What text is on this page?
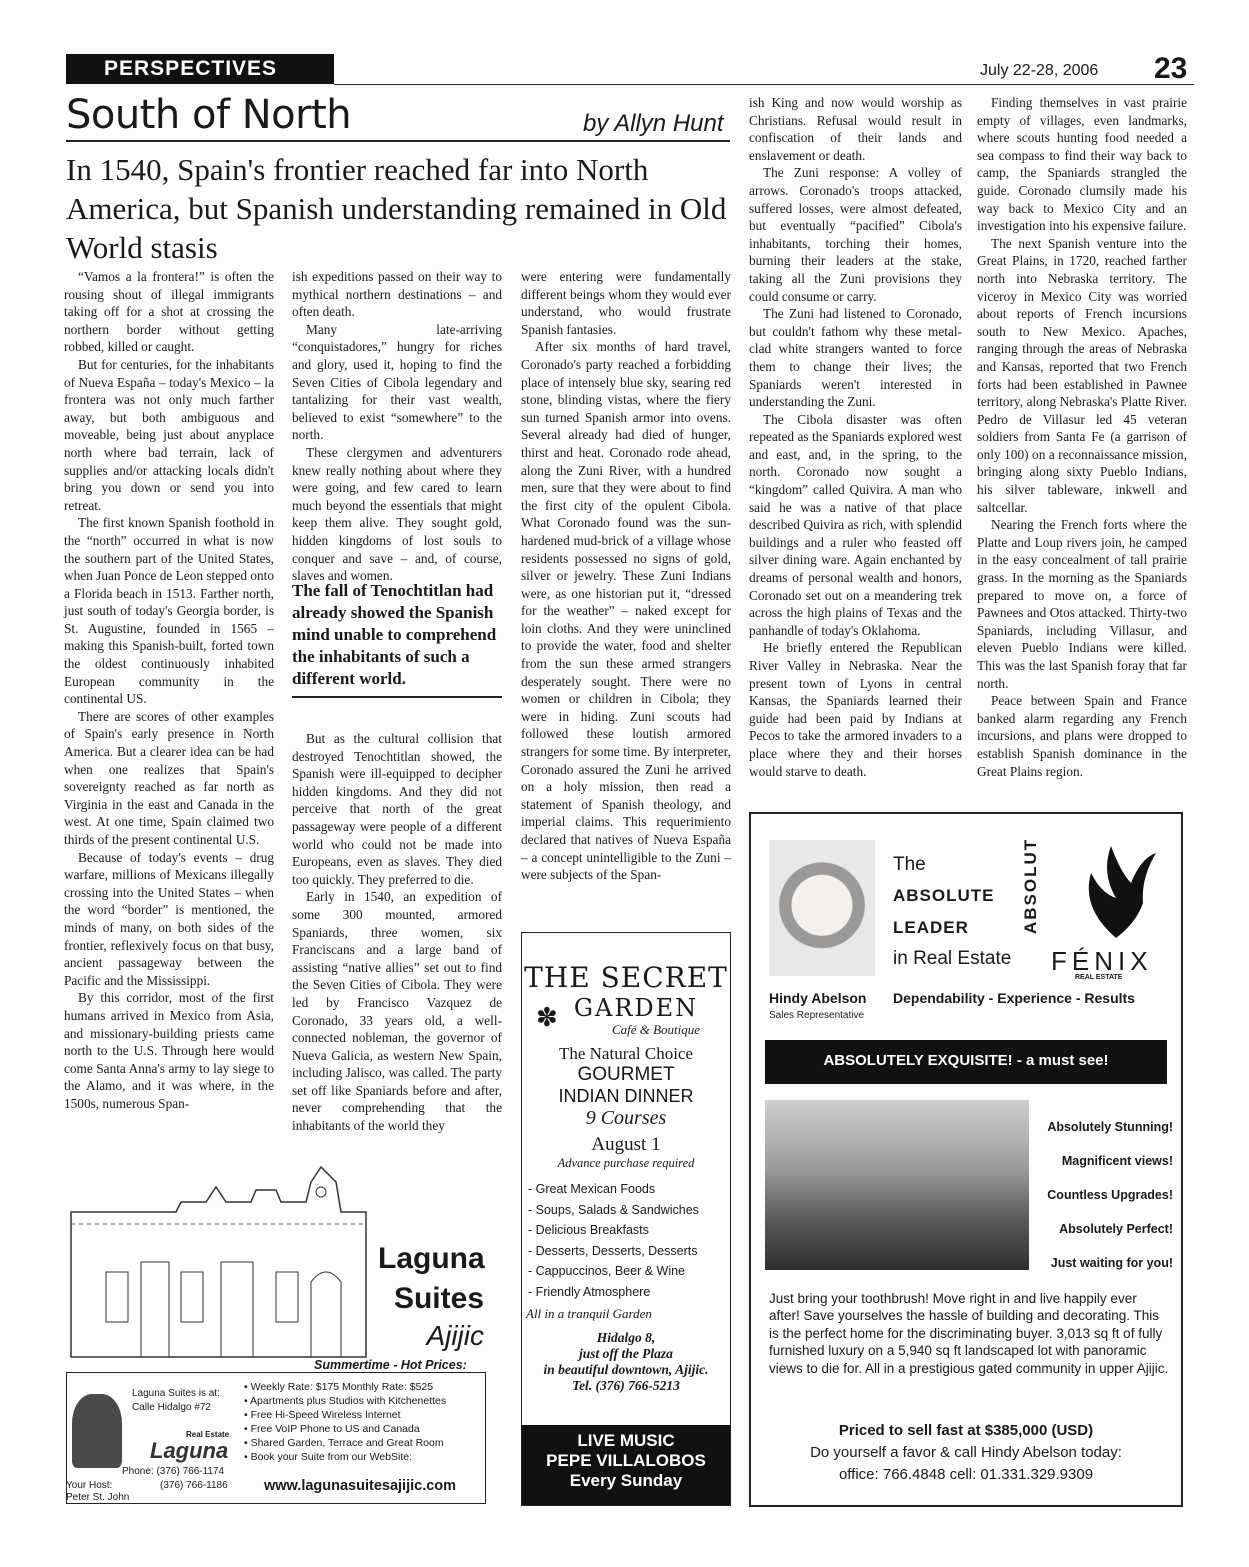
PERSPECTIVES	July 22-28, 2006 23
South of North	by Allyn Hunt
In 1540, Spain's frontier reached far into North America, but Spanish understanding remained in Old World stasis

“Vamos a la frontera!” is often the rousing shout of illegal immigrants taking off for a shot at crossing the northern border without getting robbed, killed or caught.

But for centuries, for the inhabitants of Nueva España – today's Mexico – la frontera was not only much farther away, but both ambiguous and moveable, being just about anyplace north where bad terrain, lack of supplies and/or attacking locals didn't bring you down or send you into retreat.

The first known Spanish foothold in the “north” occurred in what is now the southern part of the United States, when Juan Ponce de Leon stepped onto a Florida beach in 1513. Farther north, just south of today's Georgia border, is St. Augustine, founded in 1565 – making this Spanish-built, forted town the oldest continuously inhabited European community in the continental US.

There are scores of other examples of Spain's early presence in North America. But a clearer idea can be had when one realizes that Spain's sovereignty reached as far north as Virginia in the east and Canada in the west. At one time, Spain claimed two thirds of the present continental U.S.

Because of today's events – drug warfare, millions of Mexicans illegally crossing into the United States – when the word “border” is mentioned, the minds of many, on both sides of the frontier, reflexively focus on that busy, ancient passageway between the Pacific and the Mississippi.

By this corridor, most of the first humans arrived in Mexico from Asia, and missionary-building priests came north to the U.S. Through here would come Santa Anna's army to lay siege to the Alamo, and it was where, in the 1500s, numerous Span-

ish expeditions passed on their way to mythical northern destinations – and often death.

Many late-arriving “conquistadores,” hungry for riches and glory, used it, hoping to find the Seven Cities of Cibola legendary and tantalizing for their vast wealth, believed to exist “somewhere” to the north.

These clergymen and adventurers knew really nothing about where they were going, and few cared to learn much beyond the essentials that might keep them alive. They sought gold, hidden kingdoms of lost souls to conquer and save – and, of course, slaves and women.

The fall of Tenochtitlan had already showed the Spanish mind unable to comprehend the inhabitants of such a different world.

But as the cultural collision that destroyed Tenochtitlan showed, the Spanish were ill-equipped to decipher hidden kingdoms. And they did not perceive that north of the great passageway were people of a different world who could not be made into Europeans, even as slaves. They died too quickly. They preferred to die.

Early in 1540, an expedition of some 300 mounted, armored Spaniards, three women, six Franciscans and a large band of assisting “native allies” set out to find the Seven Cities of Cibola. They were led by Francisco Vazquez de Coronado, 33 years old, a well-connected nobleman, the governor of Nueva Galicia, as western New Spain, including Jalisco, was called. The party set off like Spaniards before and after, never comprehending that the inhabitants of the world they

were entering were fundamentally different beings whom they would ever understand, who would frustrate Spanish fantasies.

After six months of hard travel, Coronado's party reached a forbidding place of intensely blue sky, searing red stone, blinding vistas, where the fiery sun turned Spanish armor into ovens. Several already had died of hunger, thirst and heat. Coronado rode ahead, along the Zuni River, with a hundred men, sure that they were about to find the first city of the opulent Cibola. What Coronado found was the sun-hardened mud-brick of a village whose residents possessed no signs of gold, silver or jewelry. These Zuni Indians were, as one historian put it, “dressed for the weather” – naked except for loin cloths. And they were uninclined to provide the water, food and shelter from the sun these armed strangers desperately sought. There were no women or children in Cibola; they were in hiding. Zuni scouts had followed these loutish armored strangers for some time. By interpreter, Coronado assured the Zuni he arrived on a holy mission, then read a statement of Spanish theology, and imperial claims. This requerimiento declared that natives of Nueva España – a concept unintelligible to the Zuni – were subjects of the Span-

ish King and now would worship as Christians. Refusal would result in confiscation of their lands and enslavement or death.

The Zuni response: A volley of arrows. Coronado's troops attacked, suffered losses, were almost defeated, but eventually “pacified” Cibola's inhabitants, torching their homes, burning their leaders at the stake, taking all the Zuni provisions they could consume or carry.

The Zuni had listened to Coronado, but couldn't fathom why these metal-clad white strangers wanted to force them to change their lives; the Spaniards weren't interested in understanding the Zuni.

The Cibola disaster was often repeated as the Spaniards explored west and east, and, in the spring, to the north. Coronado now sought a “kingdom” called Quivira. A man who said he was a native of that place described Quivira as rich, with splendid buildings and a ruler who feasted off silver dining ware. Again enchanted by dreams of personal wealth and honors, Coronado set out on a meandering trek across the high plains of Texas and the panhandle of today's Oklahoma.

He briefly entered the Republican River Valley in Nebraska. Near the present town of Lyons in central Kansas, the Spaniards learned their guide had been paid by Indians at Pecos to take the armored invaders to a place where they and their horses would starve to death.

Finding themselves in vast prairie empty of villages, even landmarks, where scouts hunting food needed a sea compass to find their way back to camp, the Spaniards strangled the guide. Coronado clumsily made his way back to Mexico City and an investigation into his expensive failure.

The next Spanish venture into the Great Plains, in 1720, reached farther north into Nebraska territory. The viceroy in Mexico City was worried about reports of French incursions south to New Mexico. Apaches, ranging through the areas of Nebraska and Kansas, reported that two French forts had been established in Pawnee territory, along Nebraska's Platte River. Pedro de Villasur led 45 veteran soldiers from Santa Fe (a garrison of only 100) on a reconnaissance mission, bringing along sixty Pueblo Indians, his silver tableware, inkwell and saltcellar.

Nearing the French forts where the Platte and Loup rivers join, he camped in the easy concealment of tall prairie grass. In the morning as the Spaniards prepared to move on, a force of Pawnees and Otos attacked. Thirty-two Spaniards, including Villasur, and eleven Pueblo Indians were killed. This was the last Spanish foray that far north.

Peace between Spain and France banked alarm regarding any French incursions, and plans were dropped to establish Spanish dominance in the Great Plains region.

Laguna
Suites
Ajijic
Summertime - Hot Prices:
Laguna Suites is at:
Calle Hidalgo #72
Real Estate
Laguna
Phone: (376) 766-1174
(376) 766-1186
Your Host:
Peter St. John
• Weekly Rate: $175 Monthly Rate: $525
• Apartments plus Studios with Kitchenettes
• Free Hi-Speed Wireless Internet
• Free VoIP Phone to US and Canada
• Shared Garden, Terrace and Great Room
• Book your Suite from our WebSite:
www.lagunasuitesajijic.com
THE SECRET
GARDEN
✽	Café & Boutique
The Natural Choice
GOURMET
INDIAN DINNER
9 Courses
August 1
Advance purchase required
- Great Mexican Foods
- Soups, Salads & Sandwiches
- Delicious Breakfasts
- Desserts, Desserts, Desserts
- Cappuccinos, Beer & Wine
- Friendly Atmosphere
All in a tranquil Garden
Hidalgo 8,
just off the Plaza
in beautiful downtown, Ajijic.
Tel. (376) 766-5213
LIVE MUSIC
PEPE VILLALOBOS
Every Sunday
The
ABSOLUTE
LEADER
in Real Estate
ABSOLUT
FÉNIX
REAL ESTATE
Hindy Abelson Dependability - Experience - Results
Sales Representative
ABSOLUTELY EXQUISITE! - a must see!
Absolutely Stunning!
Magnificent views!
Countless Upgrades!
Absolutely Perfect!
Just waiting for you!
Just bring your toothbrush! Move right in and live happily ever after! Save yourselves the hassle of building and decorating. This is the perfect home for the discriminating buyer. 3,013 sq ft of fully furnished luxury on a 5,940 sq ft landscaped lot with panoramic views to die for. All in a prestigious gated community in upper Ajijic.
Priced to sell fast at $385,000 (USD)
Do yourself a favor & call Hindy Abelson today:
office: 766.4848 cell: 01.331.329.9309
